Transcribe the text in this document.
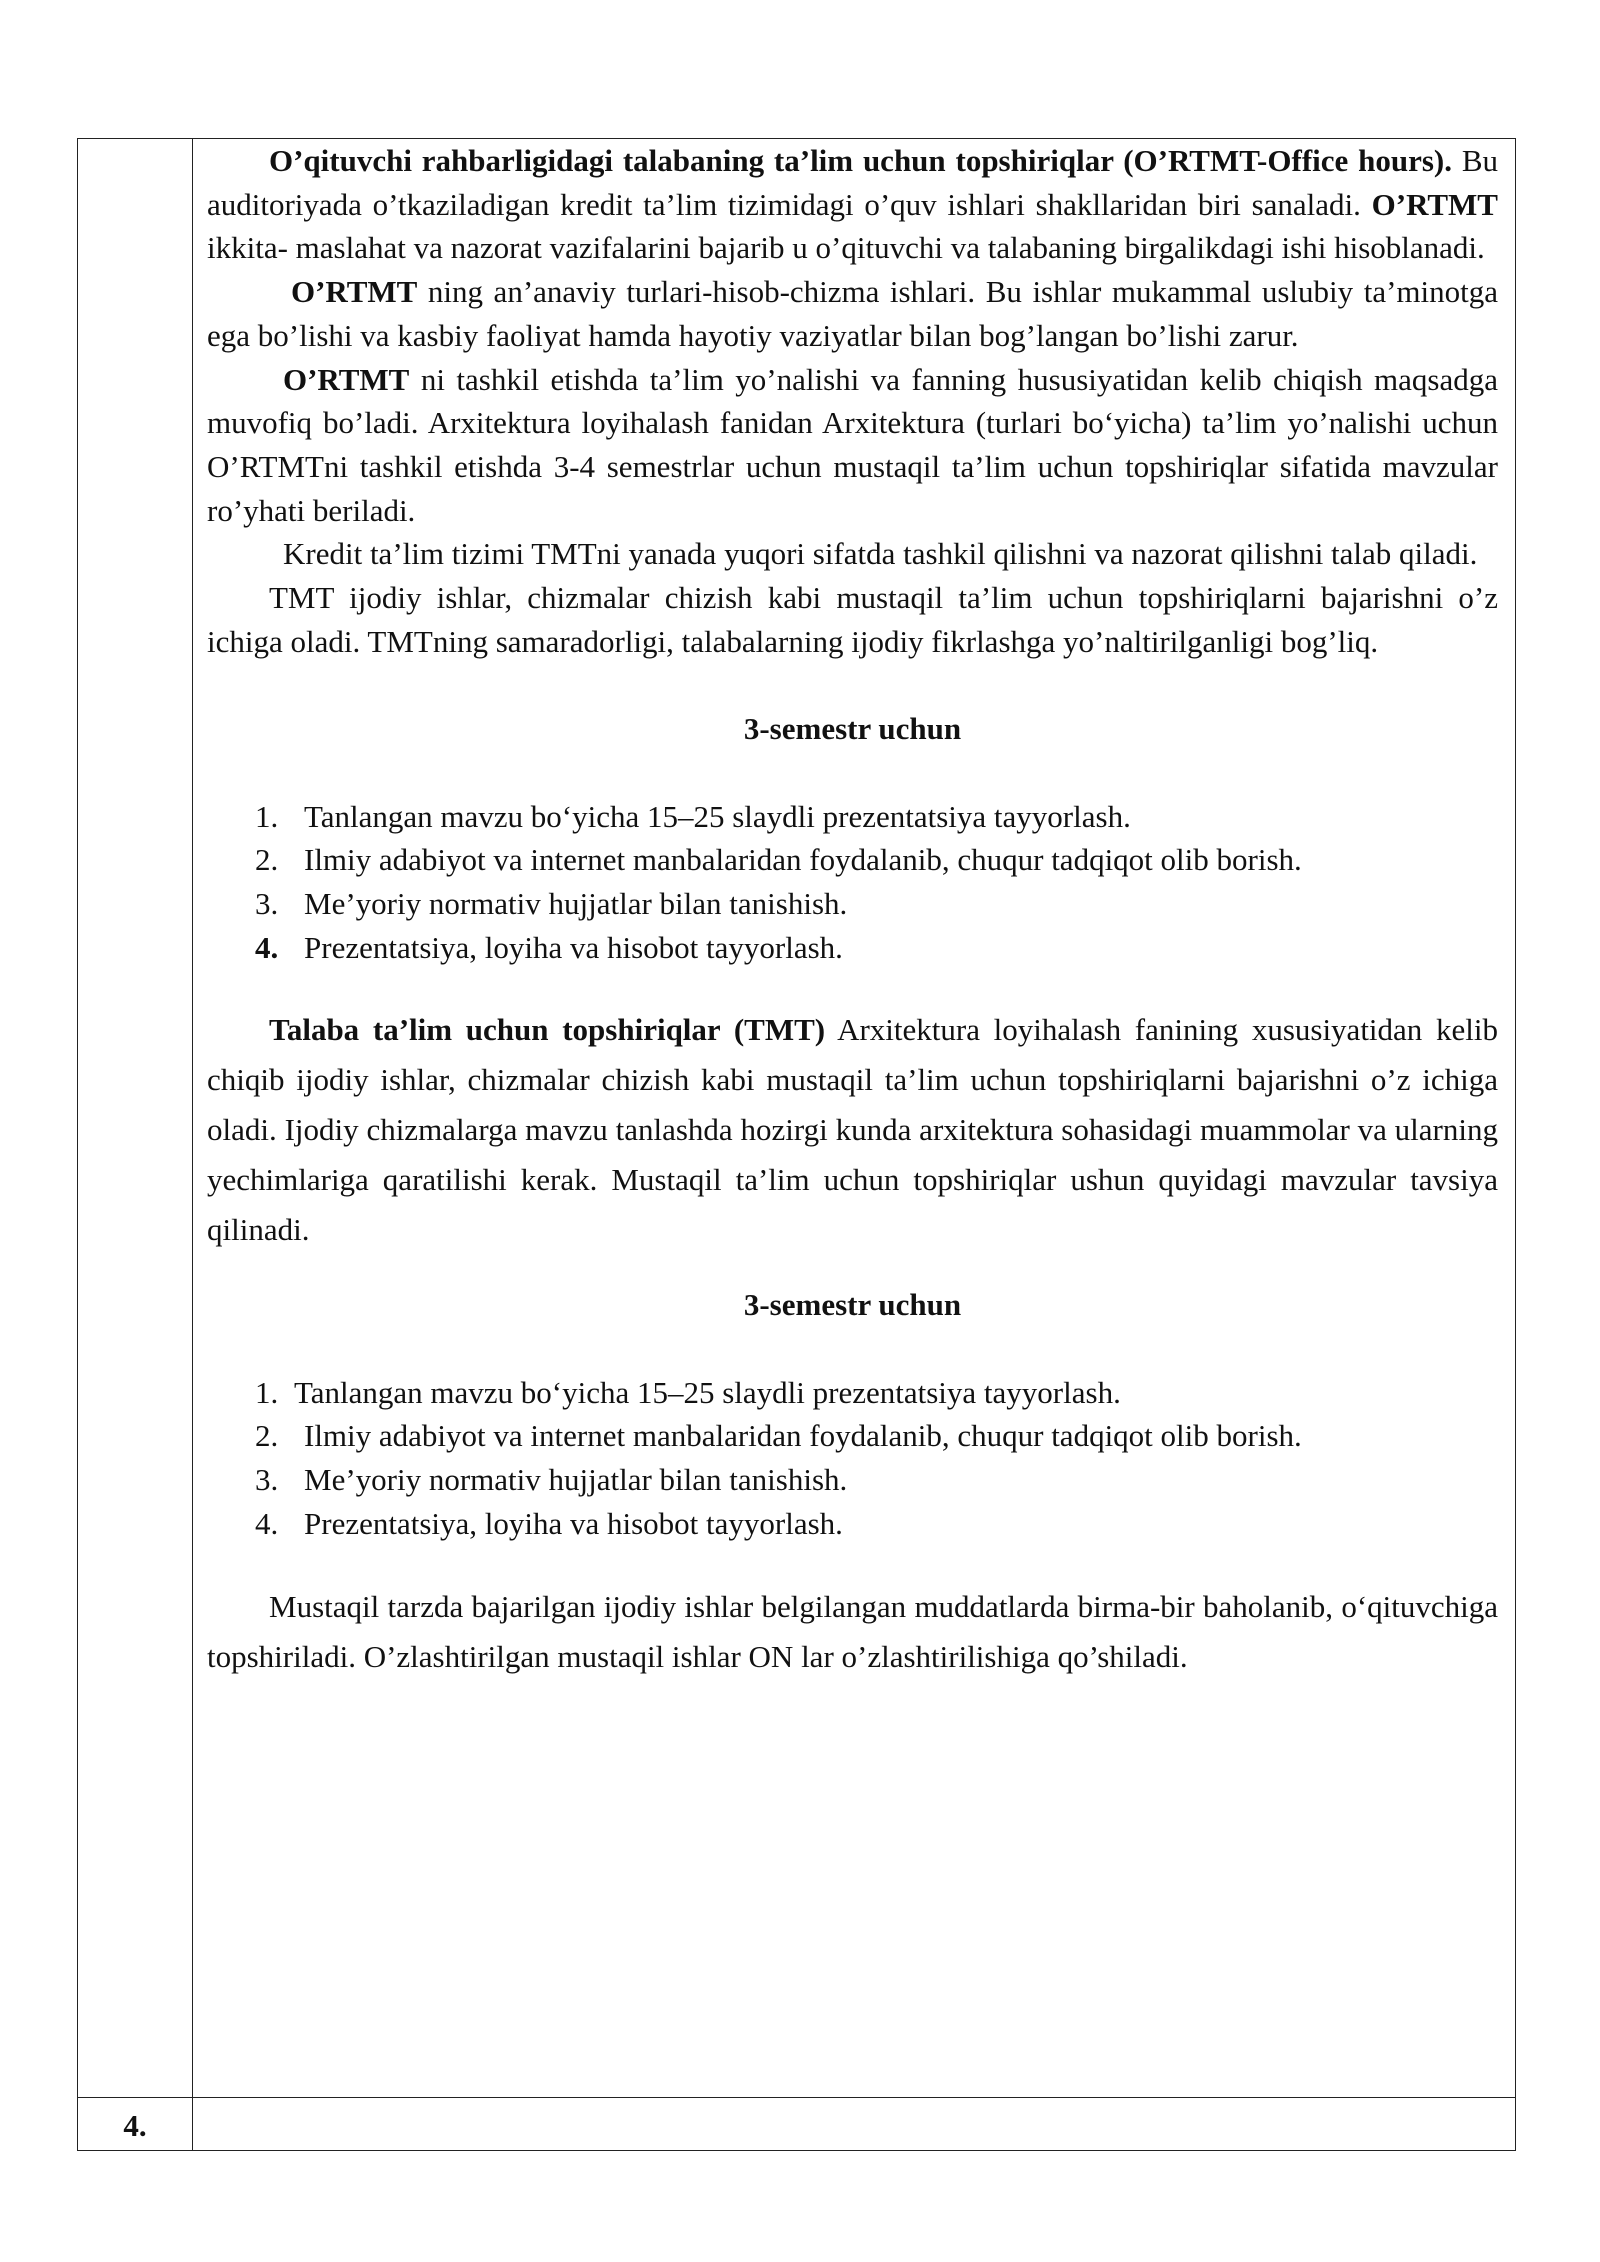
4.

O’qituvchi rahbarligidagi talabaning ta’lim uchun topshiriqlar (O’RTMT-Office hours). Bu auditoriyada o’tkaziladigan kredit ta’lim tizimidagi o’quv ishlari shakllaridan biri sanaladi. O’RTMT ikkita- maslahat va nazorat vazifalarini bajarib u o’qituvchi va talabaning birgalikdagi ishi hisoblanadi.

O’RTMT ning an’anaviy turlari-hisob-chizma ishlari. Bu ishlar mukammal uslubiy ta’minotga ega bo’lishi va kasbiy faoliyat hamda hayotiy vaziyatlar bilan bog’langan bo’lishi zarur.

O’RTMT ni tashkil etishda ta’lim yo’nalishi va fanning hususiyatidan kelib chiqish maqsadga muvofiq bo’ladi. Arxitektura loyihalash fanidan Arxitektura (turlari bo‘yicha) ta’lim yo’nalishi uchun O’RTMTni tashkil etishda 3-4 semestrlar uchun mustaqil ta’lim uchun topshiriqlar sifatida mavzular ro’yhati beriladi.

Kredit ta’lim tizimi TMTni yanada yuqori sifatda tashkil qilishni va nazorat qilishni talab qiladi.

TMT ijodiy ishlar, chizmalar chizish kabi mustaqil ta’lim uchun topshiriqlarni bajarishni o’z ichiga oladi. TMTning samaradorligi, talabalarning ijodiy fikrlashga yo’naltirilganligi bog’liq.

3-semestr uchun

1. Tanlangan mavzu bo‘yicha 15–25 slaydli prezentatsiya tayyorlash.
2. Ilmiy adabiyot va internet manbalaridan foydalanib, chuqur tadqiqot olib borish.
3. Me’yoriy normativ hujjatlar bilan tanishish.
4. Prezentatsiya, loyiha va hisobot tayyorlash.

Talaba ta’lim uchun topshiriqlar (TMT) Arxitektura loyihalash fanining xususiyatidan kelib chiqib ijodiy ishlar, chizmalar chizish kabi mustaqil ta’lim uchun topshiriqlarni bajarishni o’z ichiga oladi. Ijodiy chizmalarga mavzu tanlashda hozirgi kunda arxitektura sohasidagi muammolar va ularning yechimlariga qaratilishi kerak. Mustaqil ta’lim uchun topshiriqlar ushun quyidagi mavzular tavsiya qilinadi.

3-semestr uchun

1. Tanlangan mavzu bo‘yicha 15–25 slaydli prezentatsiya tayyorlash.
2. Ilmiy adabiyot va internet manbalaridan foydalanib, chuqur tadqiqot olib borish.
3. Me’yoriy normativ hujjatlar bilan tanishish.
4. Prezentatsiya, loyiha va hisobot tayyorlash.

Mustaqil tarzda bajarilgan ijodiy ishlar belgilangan muddatlarda birma-bir baholanib, o‘qituvchiga topshiriladi. O’zlashtirilgan mustaqil ishlar ON lar o’zlashtirilishiga qo’shiladi.
